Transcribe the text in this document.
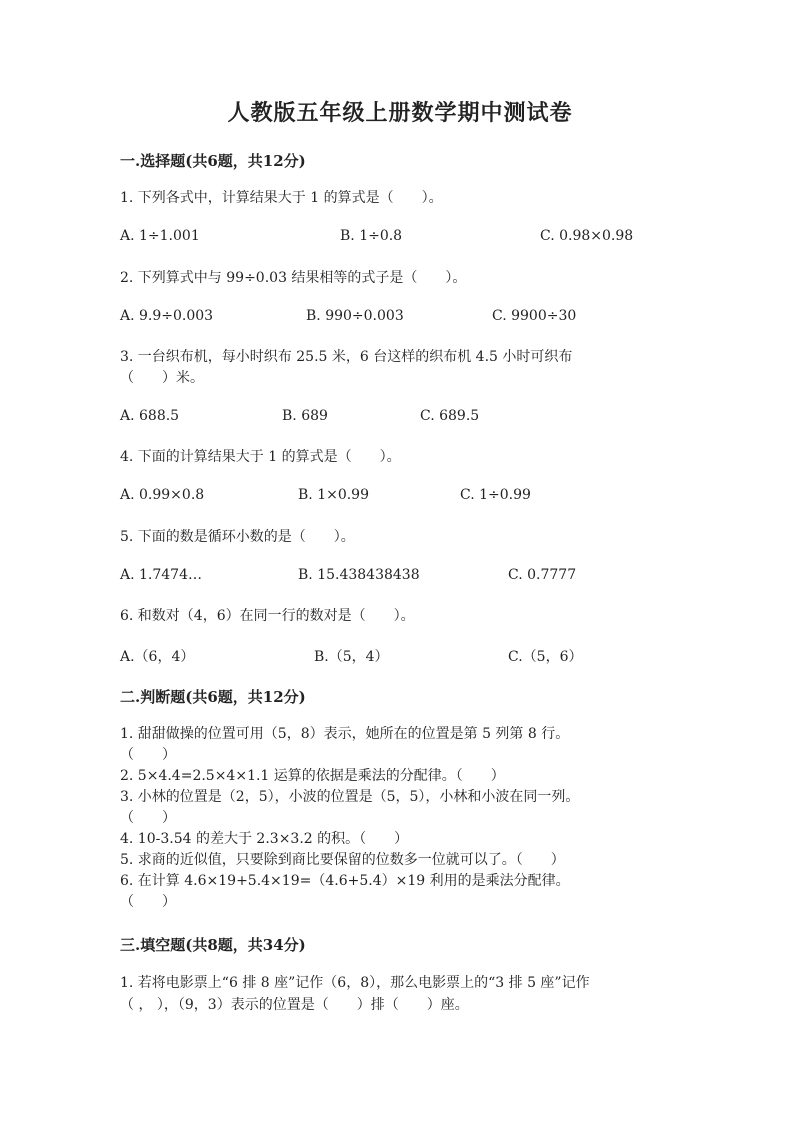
人教版五年级上册数学期中测试卷
一.选择题(共6题，共12分)
1. 下列各式中，计算结果大于 1 的算式是（　　）。
A. 1÷1.001	B. 1÷0.8	C. 0.98×0.98
2. 下列算式中与 99÷0.03 结果相等的式子是（　　）。
A. 9.9÷0.003	B. 990÷0.003	C. 9900÷30
3. 一台织布机，每小时织布 25.5 米，6 台这样的织布机 4.5 小时可织布
（　　）米。
A. 688.5	B. 689	C. 689.5
4. 下面的计算结果大于 1 的算式是（　　）。
A. 0.99×0.8	B. 1×0.99	C. 1÷0.99
5. 下面的数是循环小数的是（　　）。
A. 1.7474…	B. 15.438438438	C. 0.7777
6. 和数对（4，6）在同一行的数对是（　　）。
A.（6，4）	B.（5，4）	C.（5，6）
二.判断题(共6题，共12分)
1. 甜甜做操的位置可用（5，8）表示，她所在的位置是第 5 列第 8 行。
（　　）
2. 5×4.4=2.5×4×1.1 运算的依据是乘法的分配律。（　　）
3. 小林的位置是（2，5），小波的位置是（5，5），小林和小波在同一列。
（　　）
4. 10-3.54 的差大于 2.3×3.2 的积。（　　）
5. 求商的近似值，只要除到商比要保留的位数多一位就可以了。（　　）
6. 在计算 4.6×19+5.4×19=（4.6+5.4）×19 利用的是乘法分配律。
（　　）
三.填空题(共8题，共34分)
1. 若将电影票上“6 排 8 座”记作（6，8），那么电影票上的“3 排 5 座”记作
（ ， ），（9，3）表示的位置是（　　）排（　　）座。
